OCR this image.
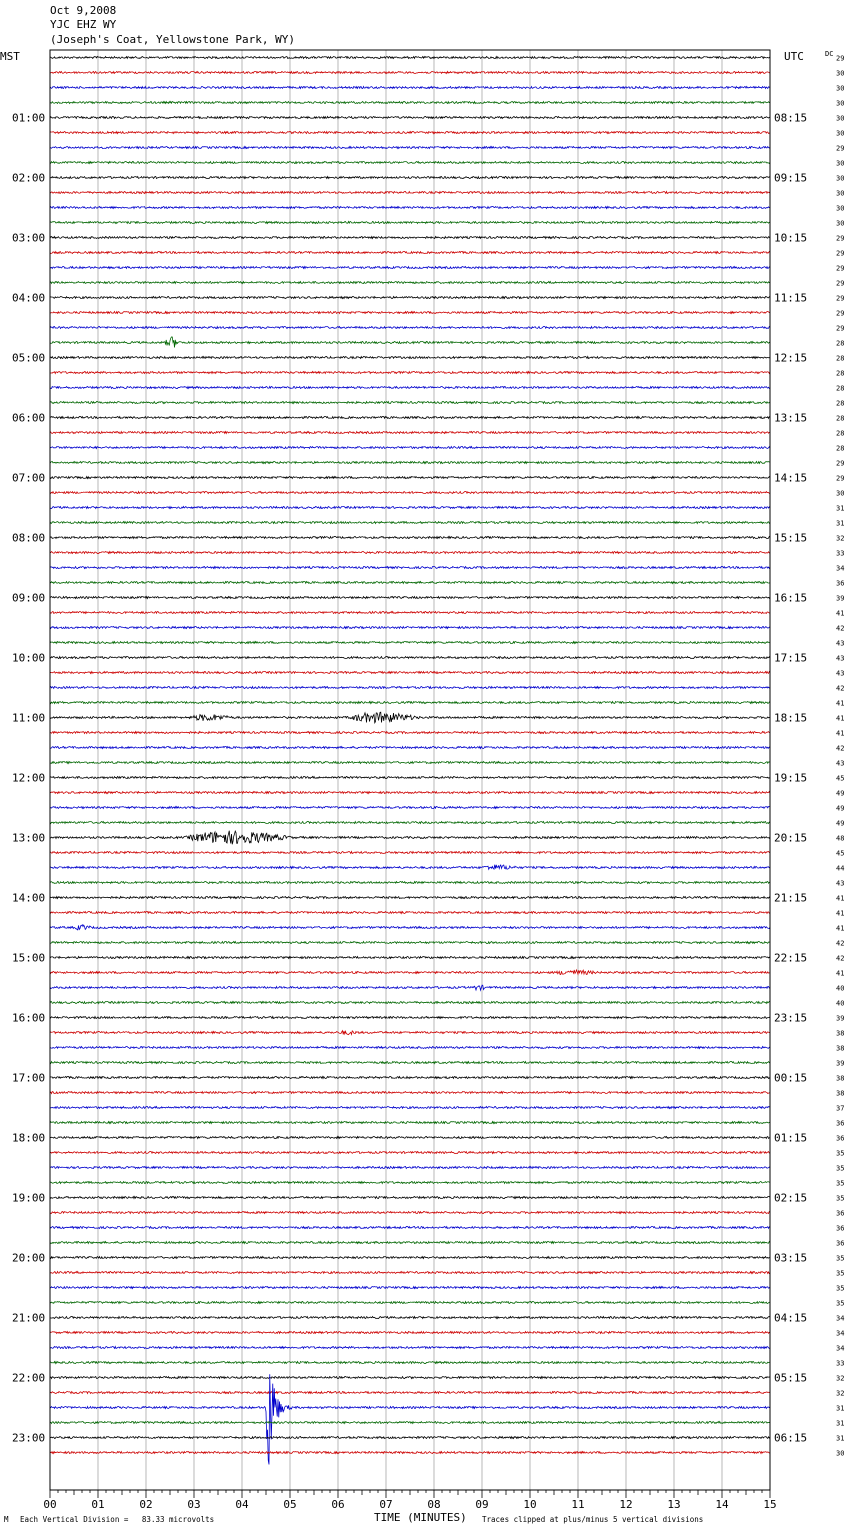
Oct 9,2008
YJC EHZ WY
(Joseph's Coat, Yellowstone Park, WY)
01:00
02:00
03:00
04:00
05:00
06:00
07:00
08:00
09:00
10:00
11:00
12:00
13:00
14:00
15:00
16:00
17:00
18:00
19:00
20:00
21:00
22:00
23:00
08:15
09:15
10:15
11:15
12:15
13:15
14:15
15:15
16:15
17:15
18:15
19:15
20:15
21:15
22:15
23:15
00:15
01:15
02:15
03:15
04:15
05:15
06:15
29
30
30
30
30
30
29
30
30
30
30
30
29
29
29
29
29
29
29
28
28
28
28
28
28
28
28
29
29
30
31
31
32
33
34
36
39
41
42
43
43
43
42
41
41
41
42
43
45
49
49
49
48
45
44
43
41
41
41
42
42
41
40
40
39
38
38
39
38
38
37
36
36
35
35
35
35
36
36
36
35
35
35
35
34
34
34
33
32
32
31
31
31
30
00	01	02	03	04	05	06	07	08	09	10	11	12	13	14	15
MST	UTC	DC
M Each Vertical Division =   83.33 microvolts	TIME (MINUTES) Traces clipped at plus/minus 5 vertical divisions
